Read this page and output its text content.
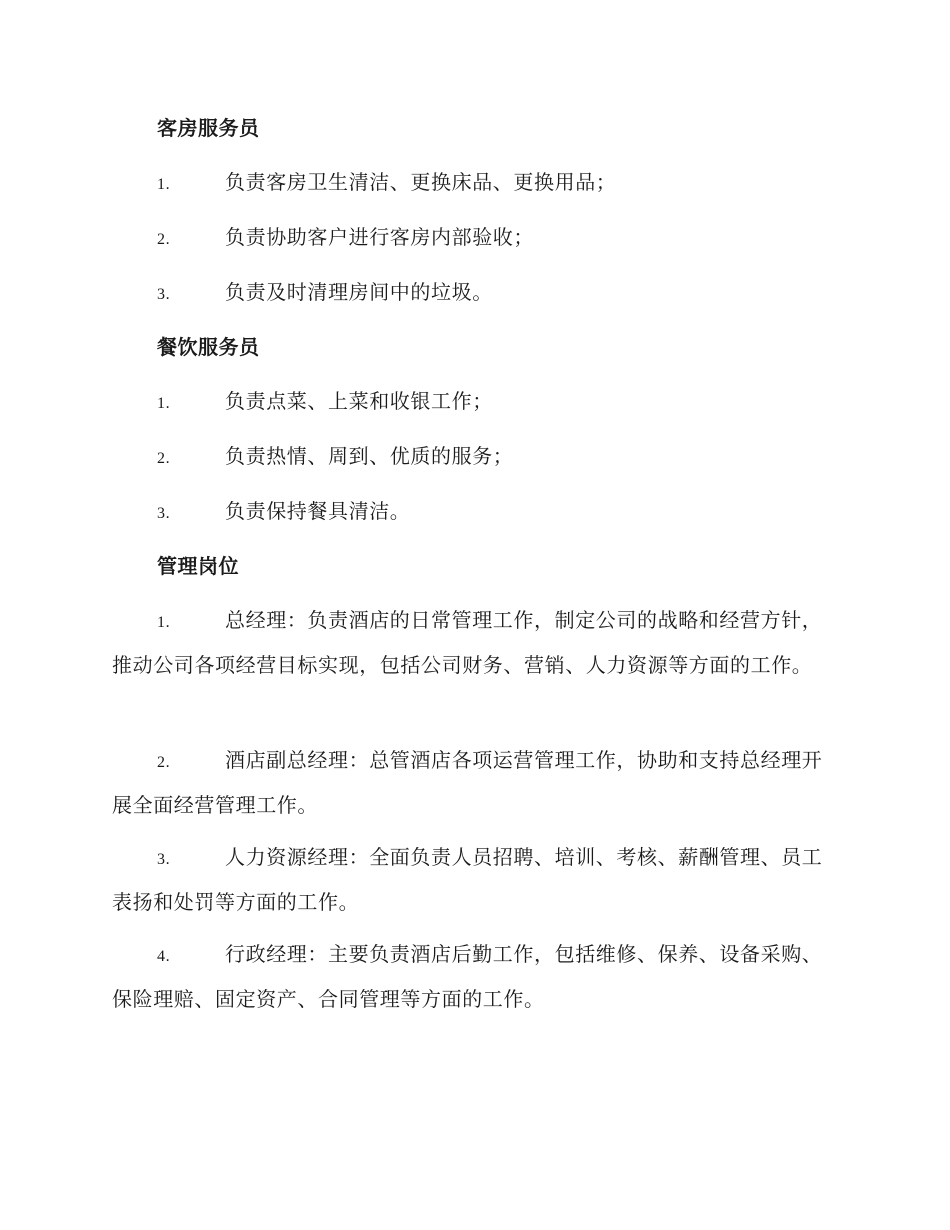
客房服务员
1.	负责客房卫生清洁、更换床品、更换用品；
2.	负责协助客户进行客房内部验收；
3.	负责及时清理房间中的垃圾。
餐饮服务员
1.	负责点菜、上菜和收银工作；
2.	负责热情、周到、优质的服务；
3.	负责保持餐具清洁。
管理岗位
1.	总经理：负责酒店的日常管理工作，制定公司的战略和经营方针，推动公司各项经营目标实现，包括公司财务、营销、人力资源等方面的工作。
2.	酒店副总经理：总管酒店各项运营管理工作，协助和支持总经理开展全面经营管理工作。
3.	人力资源经理：全面负责人员招聘、培训、考核、薪酬管理、员工表扬和处罚等方面的工作。
4.	行政经理：主要负责酒店后勤工作，包括维修、保养、设备采购、保险理赔、固定资产、合同管理等方面的工作。
